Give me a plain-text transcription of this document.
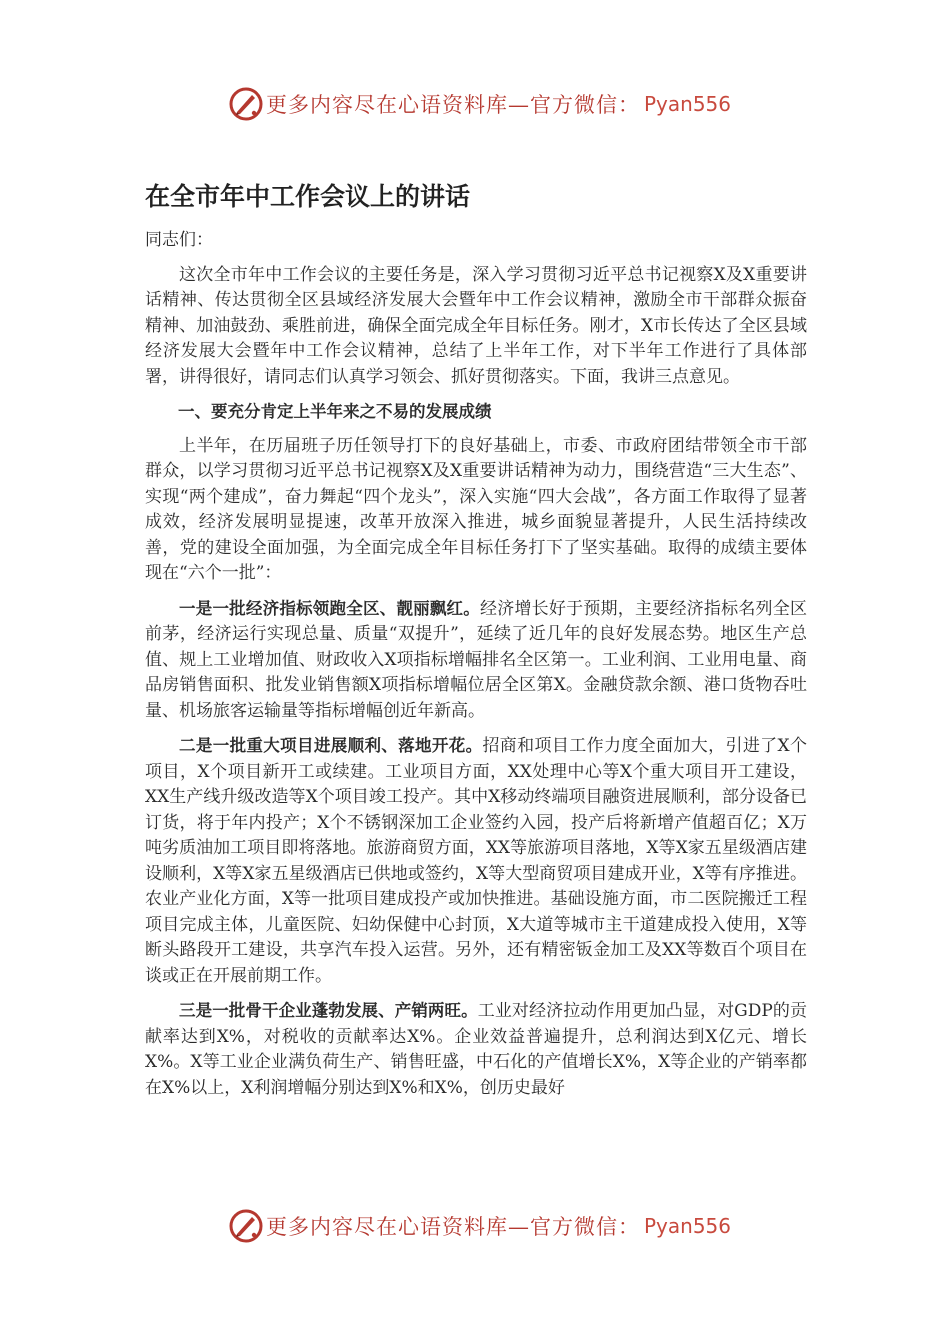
更多内容尽在心语资料库—官方微信： Pyan556
在全市年中工作会议上的讲话

同志们：

这次全市年中工作会议的主要任务是，深入学习贯彻习近平总书记视察X及X重要讲话精神、传达贯彻全区县域经济发展大会暨年中工作会议精神，激励全市干部群众振奋精神、加油鼓劲、乘胜前进，确保全面完成全年目标任务。刚才，X市长传达了全区县域经济发展大会暨年中工作会议精神，总结了上半年工作，对下半年工作进行了具体部署，讲得很好，请同志们认真学习领会、抓好贯彻落实。下面，我讲三点意见。

一、要充分肯定上半年来之不易的发展成绩

上半年，在历届班子历任领导打下的良好基础上，市委、市政府团结带领全市干部群众，以学习贯彻习近平总书记视察X及X重要讲话精神为动力，围绕营造“三大生态”、实现“两个建成”，奋力舞起“四个龙头”，深入实施“四大会战”，各方面工作取得了显著成效，经济发展明显提速，改革开放深入推进，城乡面貌显著提升，人民生活持续改善，党的建设全面加强，为全面完成全年目标任务打下了坚实基础。取得的成绩主要体现在“六个一批”：

一是一批经济指标领跑全区、靓丽飘红。经济增长好于预期，主要经济指标名列全区前茅，经济运行实现总量、质量“双提升”，延续了近几年的良好发展态势。地区生产总值、规上工业增加值、财政收入X项指标增幅排名全区第一。工业利润、工业用电量、商品房销售面积、批发业销售额X项指标增幅位居全区第X。金融贷款余额、港口货物吞吐量、机场旅客运输量等指标增幅创近年新高。

二是一批重大项目进展顺利、落地开花。招商和项目工作力度全面加大，引进了X个项目，X个项目新开工或续建。工业项目方面，XX处理中心等X个重大项目开工建设，XX生产线升级改造等X个项目竣工投产。其中X移动终端项目融资进展顺利，部分设备已订货，将于年内投产；X个不锈钢深加工企业签约入园，投产后将新增产值超百亿；X万吨劣质油加工项目即将落地。旅游商贸方面，XX等旅游项目落地，X等X家五星级酒店建设顺利，X等X家五星级酒店已供地或签约，X等大型商贸项目建成开业，X等有序推进。农业产业化方面，X等一批项目建成投产或加快推进。基础设施方面，市二医院搬迁工程项目完成主体，儿童医院、妇幼保健中心封顶，X大道等城市主干道建成投入使用，X等断头路段开工建设，共享汽车投入运营。另外，还有精密钣金加工及XX等数百个项目在谈或正在开展前期工作。

三是一批骨干企业蓬勃发展、产销两旺。工业对经济拉动作用更加凸显，对GDP的贡献率达到X%，对税收的贡献率达X%。企业效益普遍提升，总利润达到X亿元、增长X%。X等工业企业满负荷生产、销售旺盛，中石化的产值增长X%，X等企业的产销率都在X%以上，X利润增幅分别达到X%和X%，创历史最好

更多内容尽在心语资料库—官方微信： Pyan556
